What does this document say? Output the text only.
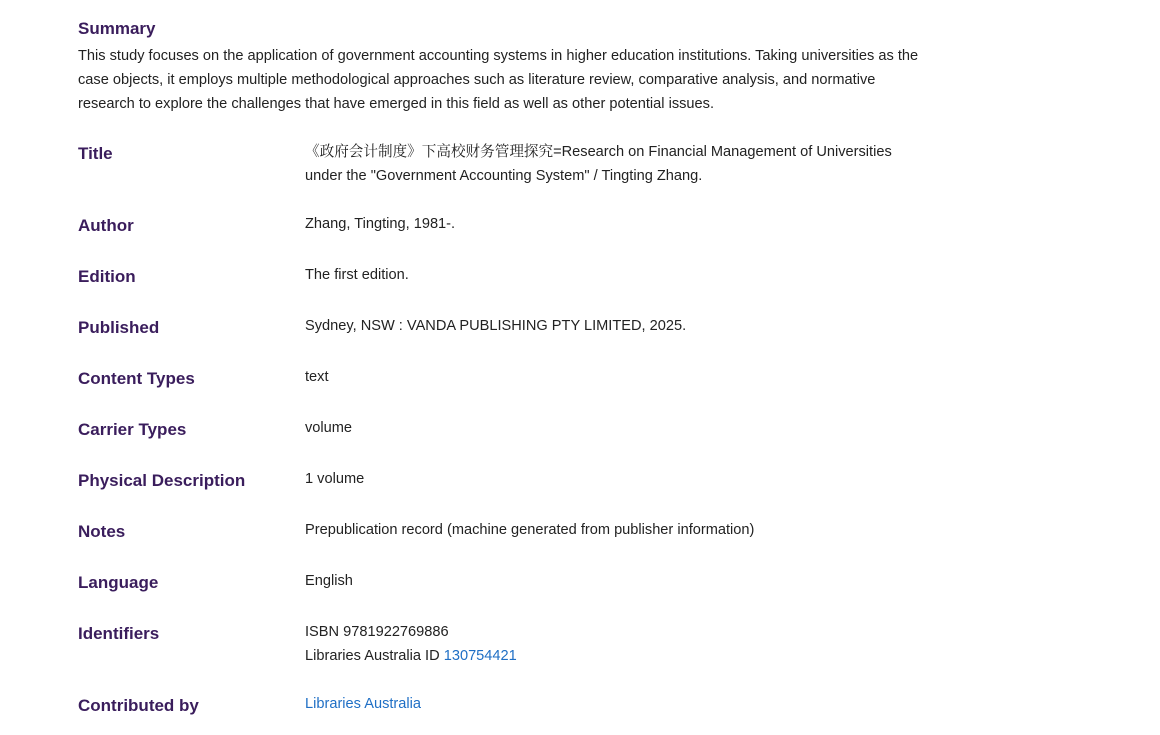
Summary

This study focuses on the application of government accounting systems in higher education institutions. Taking universities as the
case objects, it employs multiple methodological approaches such as literature review, comparative analysis, and normative
research to explore the challenges that have emerged in this field as well as other potential issues.

Title	《政府会计制度》下高校财务管理探究=Research on Financial Management of Universities
under the "Government Accounting System" / Tingting Zhang.
Author	Zhang, Tingting, 1981-.
Edition	The first edition.
Published	Sydney, NSW : VANDA PUBLISHING PTY LIMITED, 2025.
Content Types	text
Carrier Types	volume
Physical Description	1 volume
Notes	Prepublication record (machine generated from publisher information)
Language	English
Identifiers	ISBN 9781922769886
Libraries Australia ID 130754421
Contributed by	Libraries Australia
